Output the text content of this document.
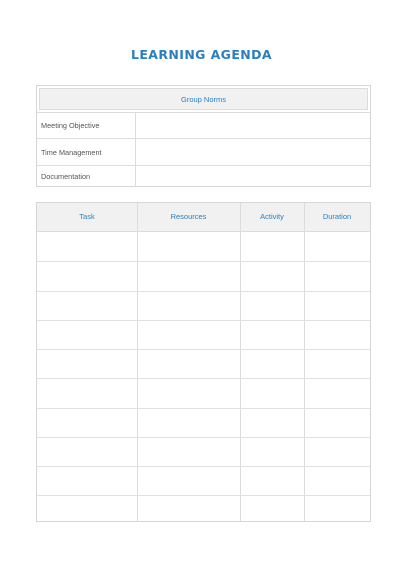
LEARNING AGENDA
Group Norms
Meeting Objective
Time Management
Documentation
Task	Resources	Activity	Duration
